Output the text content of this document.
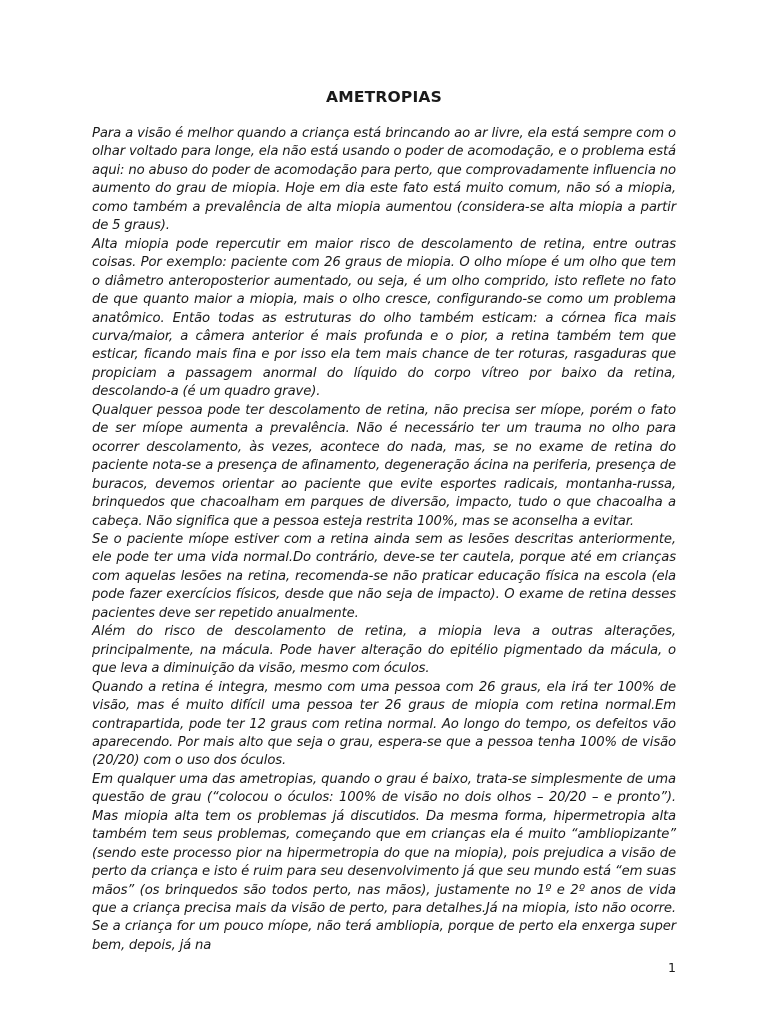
AMETROPIAS

Para a visão é melhor quando a criança está brincando ao ar livre, ela está sempre com o olhar voltado para longe, ela não está usando o poder de acomodação, e o problema está aqui: no abuso do poder de acomodação para perto, que comprovadamente influencia no aumento do grau de miopia. Hoje em dia este fato está muito comum, não só a miopia, como também a prevalência de alta miopia aumentou (considera-se alta miopia a partir de 5 graus).

Alta miopia pode repercutir em maior risco de descolamento de retina, entre outras coisas. Por exemplo: paciente com 26 graus de miopia. O olho míope é um olho que tem o diâmetro anteroposterior aumentado, ou seja, é um olho comprido, isto reflete no fato de que quanto maior a miopia, mais o olho cresce, configurando-se como um problema anatômico. Então todas as estruturas do olho também esticam: a córnea fica mais curva/maior, a câmera anterior é mais profunda e o pior, a retina também tem que esticar, ficando mais fina e por isso ela tem mais chance de ter roturas, rasgaduras que propiciam a passagem anormal do líquido do corpo vítreo por baixo da retina, descolando-a (é um quadro grave).

Qualquer pessoa pode ter descolamento de retina, não precisa ser míope, porém o fato de ser míope aumenta a prevalência. Não é necessário ter um trauma no olho para ocorrer descolamento, às vezes, acontece do nada, mas, se no exame de retina do paciente nota-se a presença de afinamento, degeneração ácina na periferia, presença de buracos, devemos orientar ao paciente que evite esportes radicais, montanha-russa, brinquedos que chacoalham em parques de diversão, impacto, tudo o que chacoalha a cabeça. Não significa que a pessoa esteja restrita 100%, mas se aconselha a evitar.

Se o paciente míope estiver com a retina ainda sem as lesões descritas anteriormente, ele pode ter uma vida normal.Do contrário, deve-se ter cautela, porque até em crianças com aquelas lesões na retina, recomenda-se não praticar educação física na escola (ela pode fazer exercícios físicos, desde que não seja de impacto). O exame de retina desses pacientes deve ser repetido anualmente.

Além do risco de descolamento de retina, a miopia leva a outras alterações, principalmente, na mácula. Pode haver alteração do epitélio pigmentado da mácula, o que leva a diminuição da visão, mesmo com óculos.

Quando a retina é integra, mesmo com uma pessoa com 26 graus, ela irá ter 100% de visão, mas é muito difícil uma pessoa ter 26 graus de miopia com retina normal.Em contrapartida, pode ter 12 graus com retina normal. Ao longo do tempo, os defeitos vão aparecendo. Por mais alto que seja o grau, espera-se que a pessoa tenha 100% de visão (20/20) com o uso dos óculos.

Em qualquer uma das ametropias, quando o grau é baixo, trata-se simplesmente de uma questão de grau (“colocou o óculos: 100% de visão no dois olhos – 20/20 – e pronto”). Mas miopia alta tem os problemas já discutidos. Da mesma forma, hipermetropia alta também tem seus problemas, começando que em crianças ela é muito “ambliopizante” (sendo este processo pior na hipermetropia do que na miopia), pois prejudica a visão de perto da criança e isto é ruim para seu desenvolvimento já que seu mundo está “em suas mãos” (os brinquedos são todos perto, nas mãos), justamente no 1º e 2º anos de vida que a criança precisa mais da visão de perto, para detalhes.Já na miopia, isto não ocorre. Se a criança for um pouco míope, não terá ambliopia, porque de perto ela enxerga super bem, depois, já na

1
